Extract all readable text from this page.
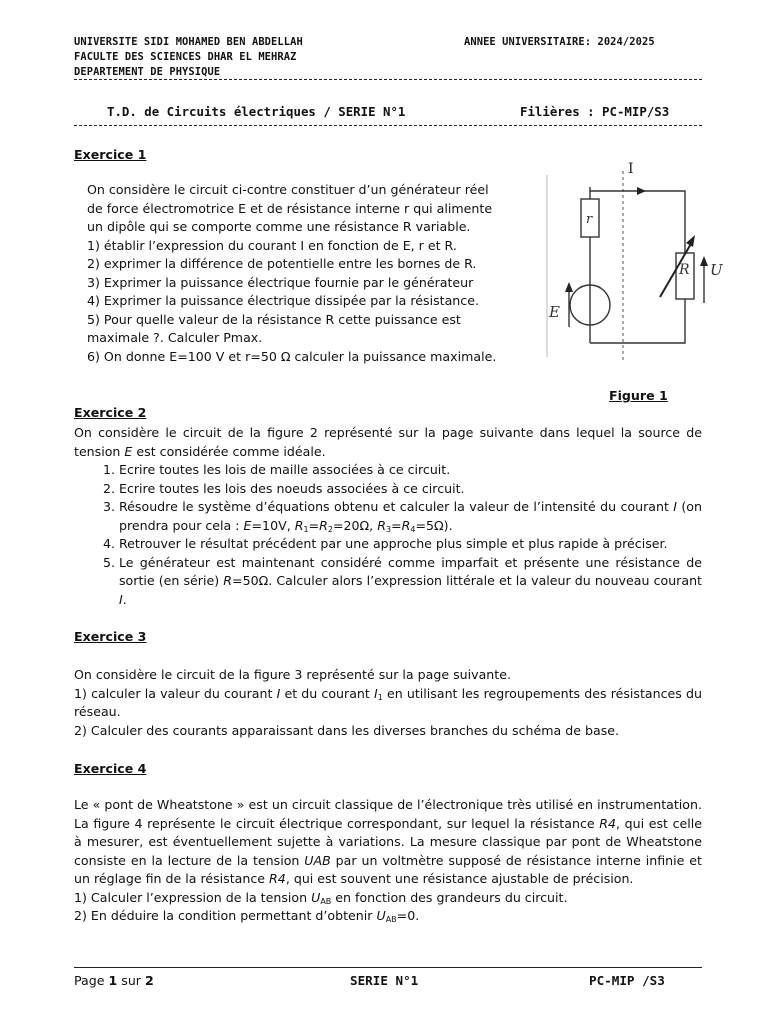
UNIVERSITE SIDI MOHAMED BEN ABDELLAH
FACULTE DES SCIENCES DHAR EL MEHRAZ
DEPARTEMENT DE PHYSIQUE
ANNEE UNIVERSITAIRE: 2024/2025
T.D. de Circuits électriques / SERIE N°1	Filières : PC-MIP/S3
Exercice 1
On considère le circuit ci-contre constituer d’un générateur réel
de force électromotrice E et de résistance interne r qui alimente
un dipôle qui se comporte comme une résistance R variable.
1) établir l’expression du courant I en fonction de E, r et R.
2) exprimer la différence de potentielle entre les bornes de R.
3) Exprimer la puissance électrique fournie par le générateur
4) Exprimer la puissance électrique dissipée par la résistance.
5) Pour quelle valeur de la résistance R cette puissance est
maximale ?. Calculer Pmax.
6) On donne E=100 V et r=50 Ω calculer la puissance maximale.
I
r
E
R U
Figure 1
Exercice 2
On considère le circuit de la figure 2 représenté sur la page suivante dans lequel la source de tension E est considérée comme idéale.
1. Ecrire toutes les lois de maille associées à ce circuit.
2. Ecrire toutes les lois des noeuds associées à ce circuit.
3. Résoudre le système d’équations obtenu et calculer la valeur de l’intensité du courant I (on prendra pour cela : E=10V, $R_1=R_2=20\Omega$, $R_3=R_4=5\Omega$).
4. Retrouver le résultat précédent par une approche plus simple et plus rapide à préciser.
5. Le générateur est maintenant considéré comme imparfait et présente une résistance de sortie (en série) R=50Ω. Calculer alors l’expression littérale et la valeur du nouveau courant I.
Exercice 3
On considère le circuit de la figure 3 représenté sur la page suivante.
1) calculer la valeur du courant I et du courant $I_1$ en utilisant les regroupements des résistances du réseau.
2) Calculer des courants apparaissant dans les diverses branches du schéma de base.
Exercice 4
Le « pont de Wheatstone » est un circuit classique de l’électronique très utilisé en instrumentation. La figure 4 représente le circuit électrique correspondant, sur lequel la résistance R4, qui est celle à mesurer, est éventuellement sujette à variations. La mesure classique par pont de Wheatstone consiste en la lecture de la tension UAB par un voltmètre supposé de résistance interne infinie et un réglage fin de la résistance R4, qui est souvent une résistance ajustable de précision.
1) Calculer l’expression de la tension $U_{AB}$ en fonction des grandeurs du circuit.
2) En déduire la condition permettant d’obtenir $U_{AB}=0$.
Page 1 sur 2	SERIE N°1	PC-MIP /S3
